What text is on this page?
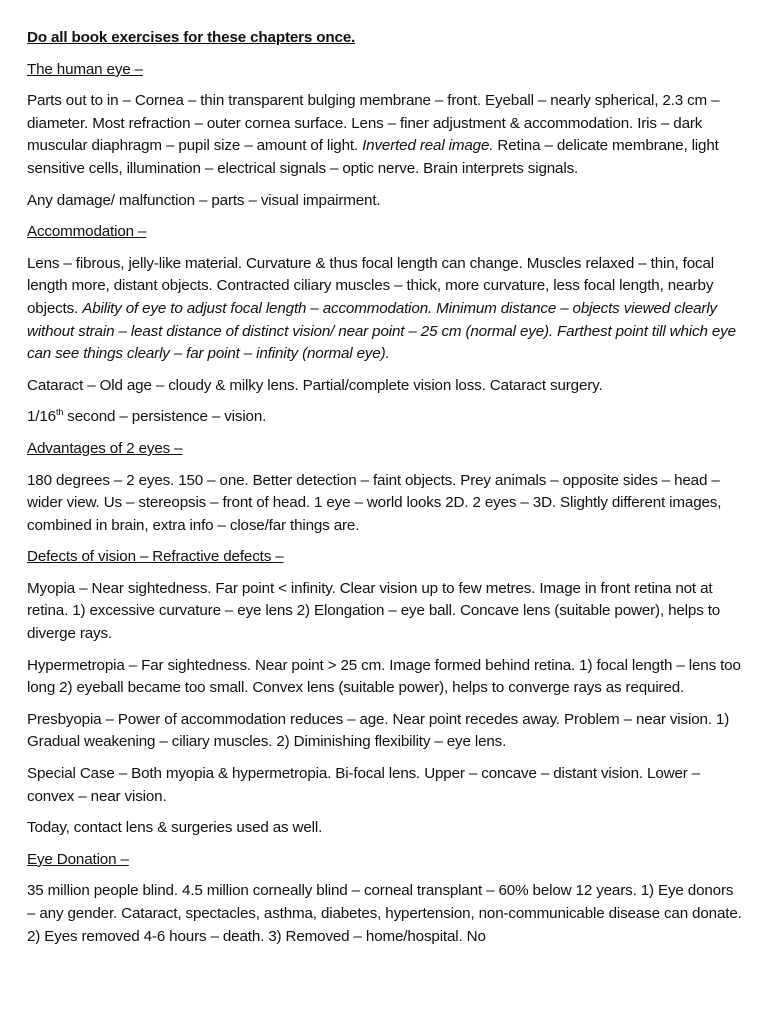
Do all book exercises for these chapters once.

The human eye –

Parts out to in – Cornea – thin transparent bulging membrane – front. Eyeball – nearly spherical, 2.3 cm – diameter. Most refraction – outer cornea surface. Lens – finer adjustment & accommodation. Iris – dark muscular diaphragm – pupil size – amount of light. Inverted real image. Retina – delicate membrane, light sensitive cells, illumination – electrical signals – optic nerve. Brain interprets signals.

Any damage/ malfunction – parts – visual impairment.

Accommodation –

Lens – fibrous, jelly-like material. Curvature & thus focal length can change. Muscles relaxed – thin, focal length more, distant objects. Contracted ciliary muscles – thick, more curvature, less focal length, nearby objects. Ability of eye to adjust focal length – accommodation. Minimum distance – objects viewed clearly without strain – least distance of distinct vision/ near point – 25 cm (normal eye). Farthest point till which eye can see things clearly – far point – infinity (normal eye).

Cataract – Old age – cloudy & milky lens. Partial/complete vision loss. Cataract surgery.

1/16th second – persistence – vision.

Advantages of 2 eyes –

180 degrees – 2 eyes. 150 – one. Better detection – faint objects. Prey animals – opposite sides – head – wider view. Us – stereopsis – front of head. 1 eye – world looks 2D. 2 eyes – 3D. Slightly different images, combined in brain, extra info – close/far things are.

Defects of vision – Refractive defects –

Myopia – Near sightedness. Far point < infinity. Clear vision up to few metres. Image in front retina not at retina. 1) excessive curvature – eye lens 2) Elongation – eye ball. Concave lens (suitable power), helps to diverge rays.

Hypermetropia – Far sightedness. Near point > 25 cm. Image formed behind retina. 1) focal length – lens too long 2) eyeball became too small. Convex lens (suitable power), helps to converge rays as required.

Presbyopia – Power of accommodation reduces – age. Near point recedes away. Problem – near vision. 1) Gradual weakening – ciliary muscles. 2) Diminishing flexibility – eye lens.

Special Case – Both myopia & hypermetropia. Bi-focal lens. Upper – concave – distant vision. Lower – convex – near vision.

Today, contact lens & surgeries used as well.

Eye Donation –

35 million people blind. 4.5 million corneally blind – corneal transplant – 60% below 12 years. 1) Eye donors – any gender. Cataract, spectacles, asthma, diabetes, hypertension, non-communicable disease can donate. 2) Eyes removed 4-6 hours – death. 3) Removed – home/hospital. No
